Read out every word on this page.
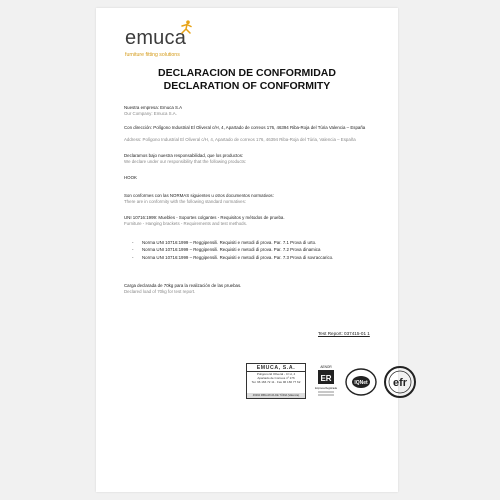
emuca
furniture fitting solutions
DECLARACION DE CONFORMIDAD
DECLARATION OF CONFORMITY
Nuestra empresa: Emuca S.A
Our Company: Emuca S.A.
Con dirección: Polígono Industrial El Oliveral c/H, 4, Apartado de correos 176, 46394 Riba-Roja del Túria Valencia – España
Address: Polígono Industrial El Oliveral c/H, 4, Apartado de correos 176, 46394 Riba-Roja del Túria, Valencia – España
Declaramos bajo nuestra responsabilidad, que los productos:
We declare under our responsibility that the following products:
HOOK
Son conformes con las NORMAS siguientes u otros documentos normativos:
There are in conformity with the following standard normatives:
UNI 10716:1999: Muebles - Soportes colgantes - Requisitos y métodos de prueba.
Furniture - Hanging brackets - Requirements and test methods.
- Norma UNI 10716:1999 – Reggipensili. Requisiti e metodi di prova. Par. 7.1 Prova di urto.
- Norma UNI 10716:1999 – Reggipensili. Requisiti e metodi di prova. Par. 7.2 Prova dinamica
- Norma UNI 10716:1999 – Reggipensili. Requisiti e metodi di prova. Par. 7.3 Prova di sovraccarico.
Carga declarada de 70kg para la realización de las pruebas.
Declared load of 70kg for test report.
Test Report: 037415-01 1
EMUCA, S.A.
Polígono El Oliveral - C/ H, 4
Apartado de Correos nº 176
Tel. 96 166 72 11 · Fax 96 166 77 62
46394 RIBA-ROJA DE TÚRIA (Valencia)
AENOR
ER
Empresa Registrada
IQNet efr
